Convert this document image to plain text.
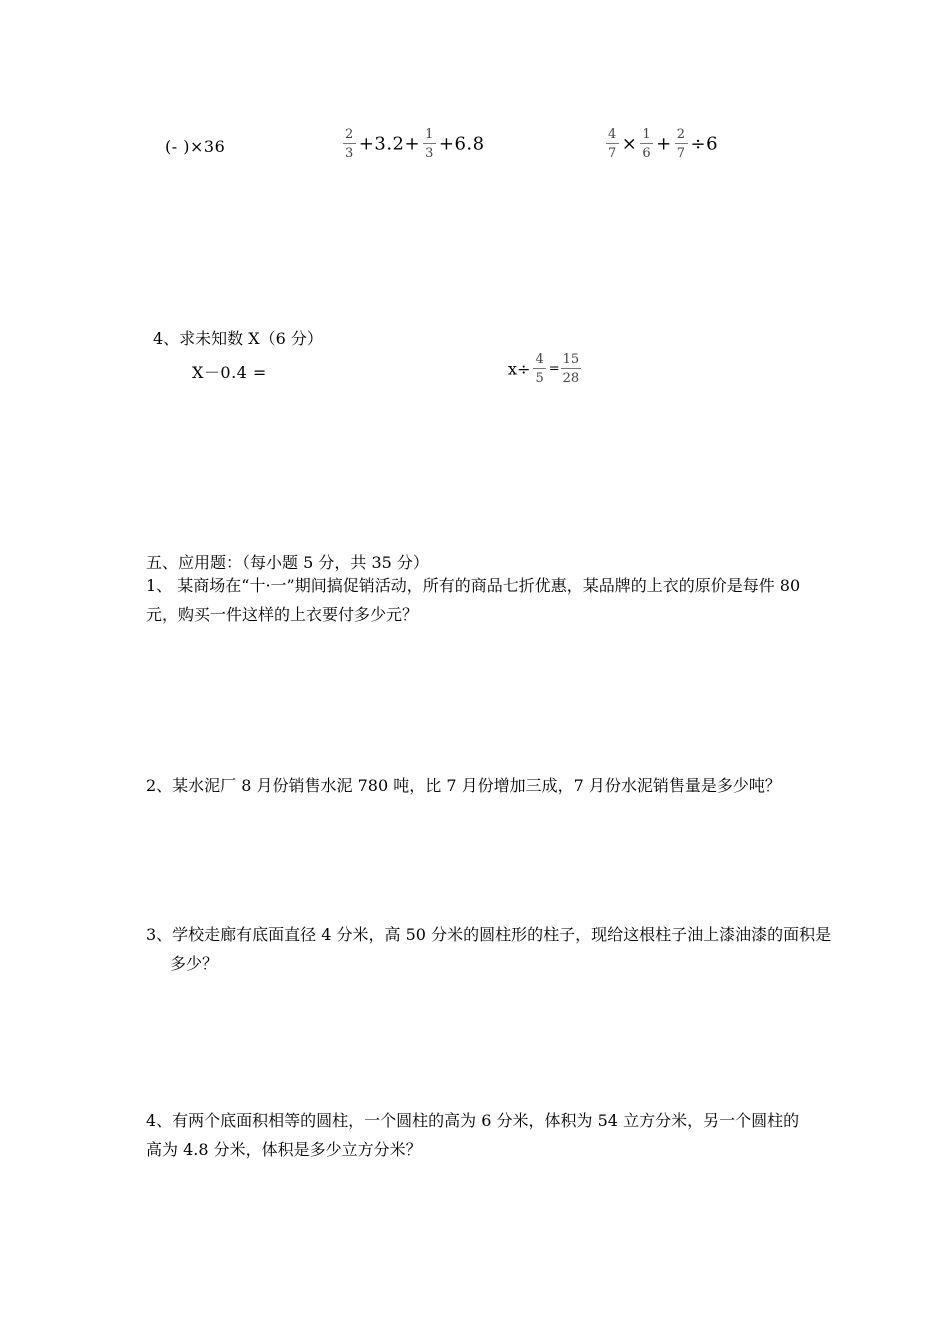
(- )×36	$\frac{2}{3} +3.2+ \frac{1}{3} +6.8$	$\frac{4}{7} \times \frac{1}{6} + \frac{2}{7} \div 6$
4、求未知数 X（6 分）
X－0.4 =	$x\div \frac{4}{5} = \frac{15}{28}$
五、应用题：（每小题 5 分，共 35 分）
1、 某商场在“十·一”期间搞促销活动，所有的商品七折优惠，某品牌的上衣的原价是每件 80 元，购买一件这样的上衣要付多少元？
2、某水泥厂 8 月份销售水泥 780 吨，比 7 月份增加三成，7 月份水泥销售量是多少吨？
3、学校走廊有底面直径 4 分米，高 50 分米的圆柱形的柱子，现给这根柱子油上漆油漆的面积是多少？
4、有两个底面积相等的圆柱，一个圆柱的高为 6 分米，体积为 54 立方分米，另一个圆柱的高为 4.8 分米，体积是多少立方分米？
